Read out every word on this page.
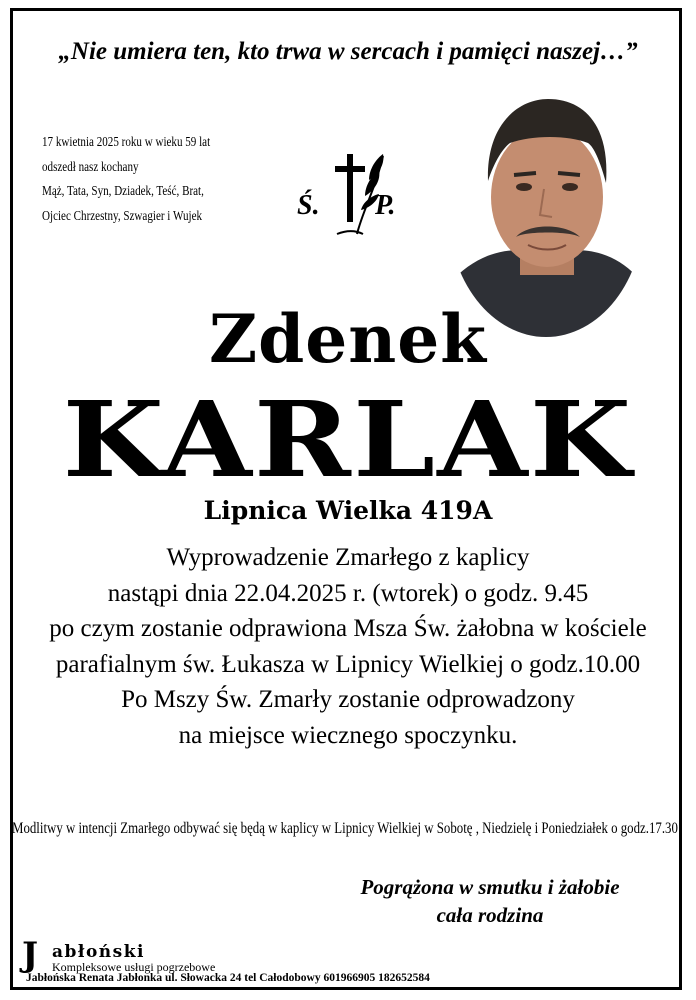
„Nie umiera ten, kto trwa w sercach i pamięci naszej…”
17 kwietnia 2025 roku w wieku 59 lat
odszedł nasz kochany
Mąż, Tata, Syn, Dziadek, Teść, Brat,
Ojciec Chrzestny, Szwagier i Wujek	Ś. P.
Zdenek
KARLAK
Lipnica Wielka 419A
Wyprowadzenie Zmarłego z kaplicy
nastąpi dnia 22.04.2025 r. (wtorek) o godz. 9.45
po czym zostanie odprawiona Msza Św. żałobna w kościele
parafialnym św. Łukasza w Lipnicy Wielkiej o godz.10.00
Po Mszy Św. Zmarły zostanie odprowadzony
na miejsce wiecznego spoczynku.
Modlitwy w intencji Zmarłego odbywać się będą w kaplicy w Lipnicy Wielkiej w Sobotę , Niedzielę i Poniedziałek o godz.17.30
Pogrążona w smutku i żałobie
cała rodzina
J abłoński
Kompleksowe usługi pogrzebowe
Jabłońska Renata Jabłonka ul. Słowacka 24 tel Całodobowy 601966905 182652584
